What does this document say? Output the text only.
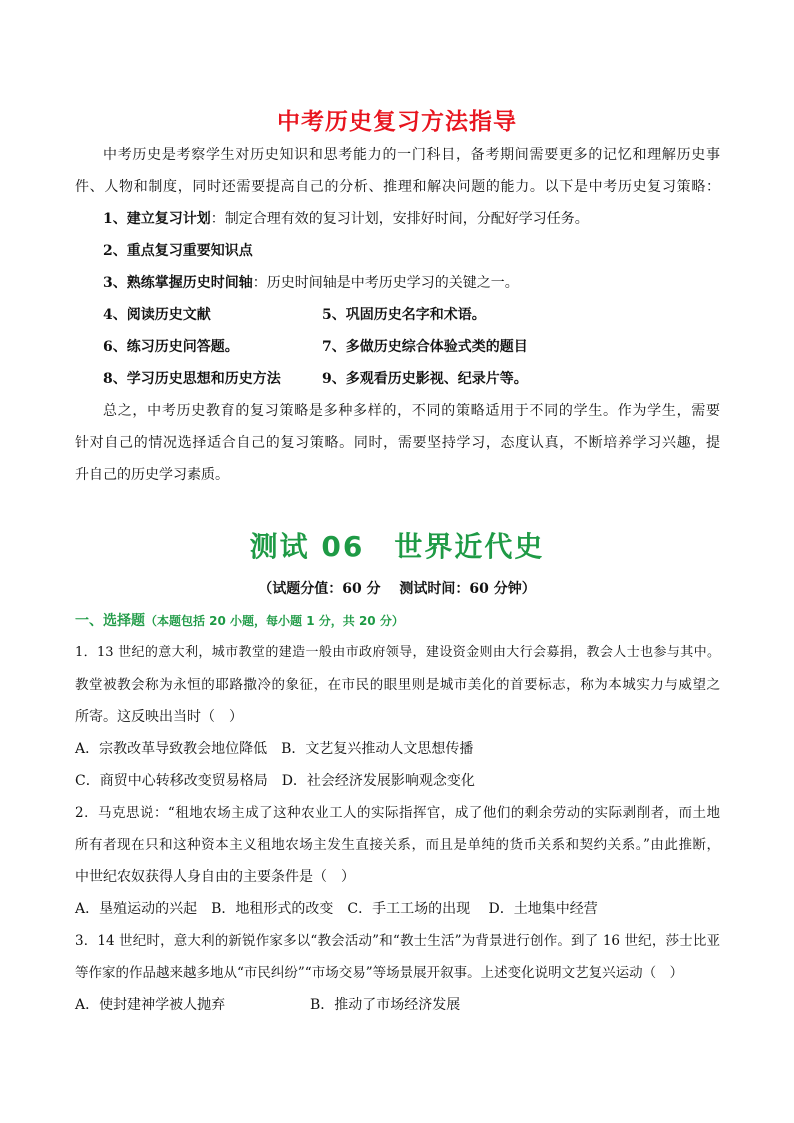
中考历史复习方法指导
中考历史是考察学生对历史知识和思考能力的一门科目，备考期间需要更多的记忆和理解历史事
件、人物和制度，同时还需要提高自己的分析、推理和解决问题的能力。以下是中考历史复习策略：
1、建立复习计划：制定合理有效的复习计划，安排好时间，分配好学习任务。
2、重点复习重要知识点
3、熟练掌握历史时间轴：历史时间轴是中考历史学习的关键之一。
4、阅读历史文献	5、巩固历史名字和术语。
6、练习历史问答题。	7、多做历史综合体验式类的题目
8、学习历史思想和历史方法	9、多观看历史影视、纪录片等。
总之，中考历史教育的复习策略是多种多样的，不同的策略适用于不同的学生。作为学生，需要
针对自己的情况选择适合自己的复习策略。同时，需要坚持学习，态度认真，不断培养学习兴趣，提
升自己的历史学习素质。
测试 06　世界近代史
（试题分值：60 分　 测试时间：60 分钟）
一、选择题（本题包括 20 小题，每小题 1 分，共 20 分）
1．13 世纪的意大利，城市教堂的建造一般由市政府领导，建设资金则由大行会募捐，教会人士也参与其中。
教堂被教会称为永恒的耶路撒冷的象征，在市民的眼里则是城市美化的首要标志，称为本城实力与威望之
所寄。这反映出当时（　）
A．宗教改革导致教会地位降低　B．文艺复兴推动人文思想传播
C．商贸中心转移改变贸易格局　D．社会经济发展影响观念变化
2．马克思说：“租地农场主成了这种农业工人的实际指挥官，成了他们的剩余劳动的实际剥削者，而土地
所有者现在只和这种资本主义租地农场主发生直接关系，而且是单纯的货币关系和契约关系。”由此推断，
中世纪农奴获得人身自由的主要条件是（　）
A．垦殖运动的兴起　B．地租形式的改变　C．手工工场的出现　 D．土地集中经营
3．14 世纪时，意大利的新锐作家多以“教会活动”和“教士生活”为背景进行创作。到了 16 世纪，莎士比亚
等作家的作品越来越多地从“市民纠纷”“市场交易”等场景展开叙事。上述变化说明文艺复兴运动（　）
A．使封建神学被人抛弃	B．推动了市场经济发展
